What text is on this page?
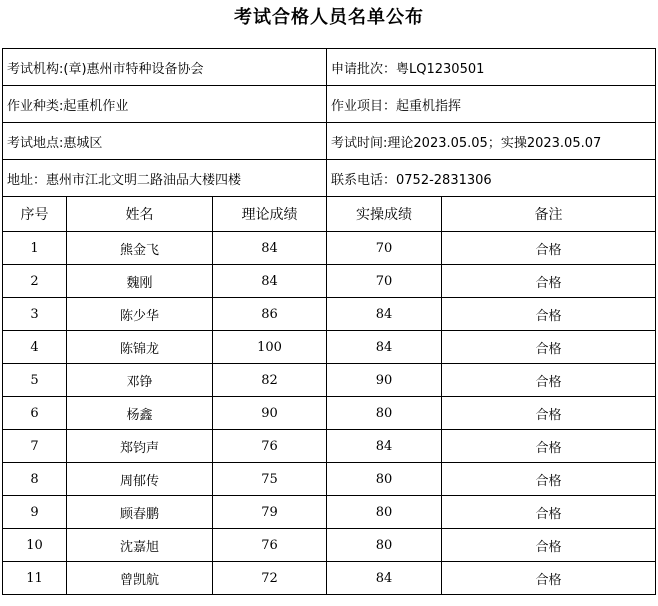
考试合格人员名单公布
考试机构:(章)惠州市特种设备协会			申请批次：粤LQ1230501	
作业种类:起重机作业			作业项目：起重机指挥	
考试地点:惠城区			考试时间:理论2023.05.05；实操2023.05.07	
地址：惠州市江北文明二路油品大楼四楼			联系电话：0752-2831306	
序号	姓名	理论成绩	实操成绩	备注
1	熊金飞	84	70	合格
2	魏刚	84	70	合格
3	陈少华	86	84	合格
4	陈锦龙	100	84	合格
5	邓铮	82	90	合格
6	杨鑫	90	80	合格
7	郑钧声	76	84	合格
8	周郁传	75	80	合格
9	顾春鹏	79	80	合格
10	沈嘉旭	76	80	合格
11	曾凯航	72	84	合格
